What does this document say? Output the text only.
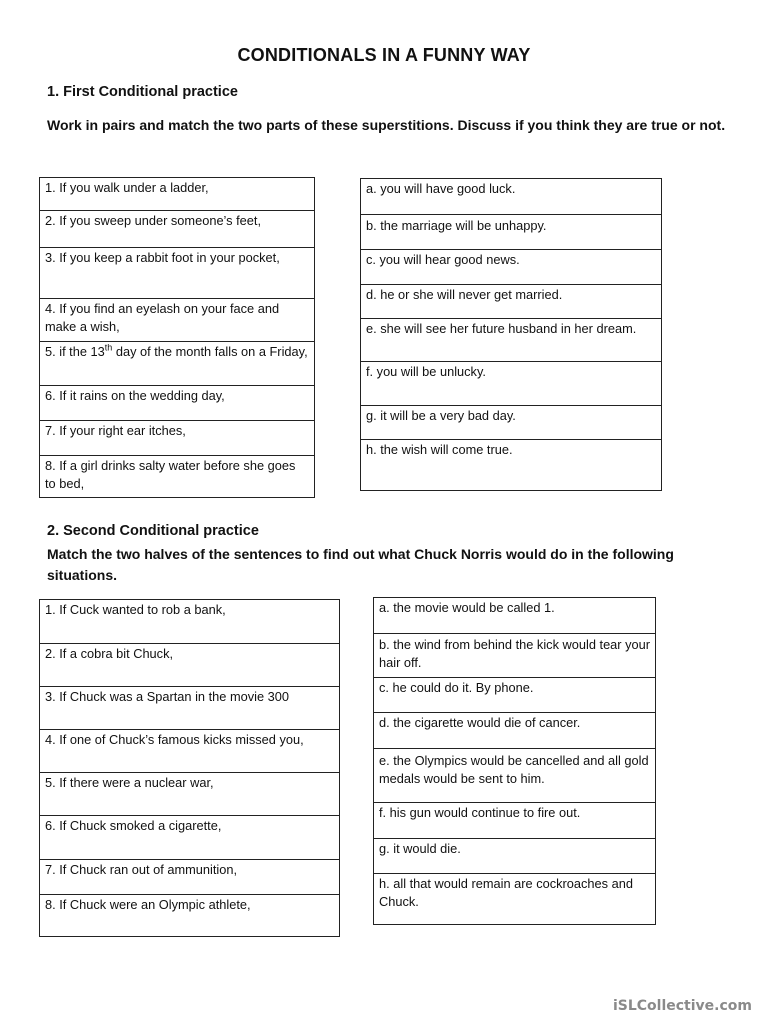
CONDITIONALS IN A FUNNY WAY
1. First Conditional practice
Work in pairs and match the two parts of these superstitions. Discuss if you think they are true or not.
1. If you walk under a ladder,
2. If you sweep under someone’s feet,
3. If you keep a rabbit foot in your pocket,
4. If you find an eyelash on your face and make a wish,
5. if the 13th day of the month falls on a Friday,
6. If it rains on the wedding day,
7. If your right ear itches,
8. If a girl drinks salty water before she goes to bed,
a. you will have good luck.
b. the marriage will be unhappy.
c. you will hear good news.
d. he or she will never get married.
e. she will see her future husband in her dream.
f. you will be unlucky.
g. it will be a very bad day.
h. the wish will come true.
2. Second Conditional practice
Match the two halves of the sentences to find out what Chuck Norris would do in the following situations.
1. If Cuck wanted to rob a bank,
2. If a cobra bit Chuck,
3. If Chuck was a Spartan in the movie 300
4. If one of Chuck’s famous kicks missed you,
5. If there were a nuclear war,
6. If Chuck smoked a cigarette,
7. If Chuck ran out of ammunition,
8. If Chuck were an Olympic athlete,
a. the movie would be called 1.
b. the wind from behind the kick would tear your hair off.
c. he could do it. By phone.
d. the cigarette would die of cancer.
e. the Olympics would be cancelled and all gold medals would be sent to him.
f. his gun would continue to fire out.
g. it would die.
h. all that would remain are cockroaches and Chuck.
iSLCollective.com
